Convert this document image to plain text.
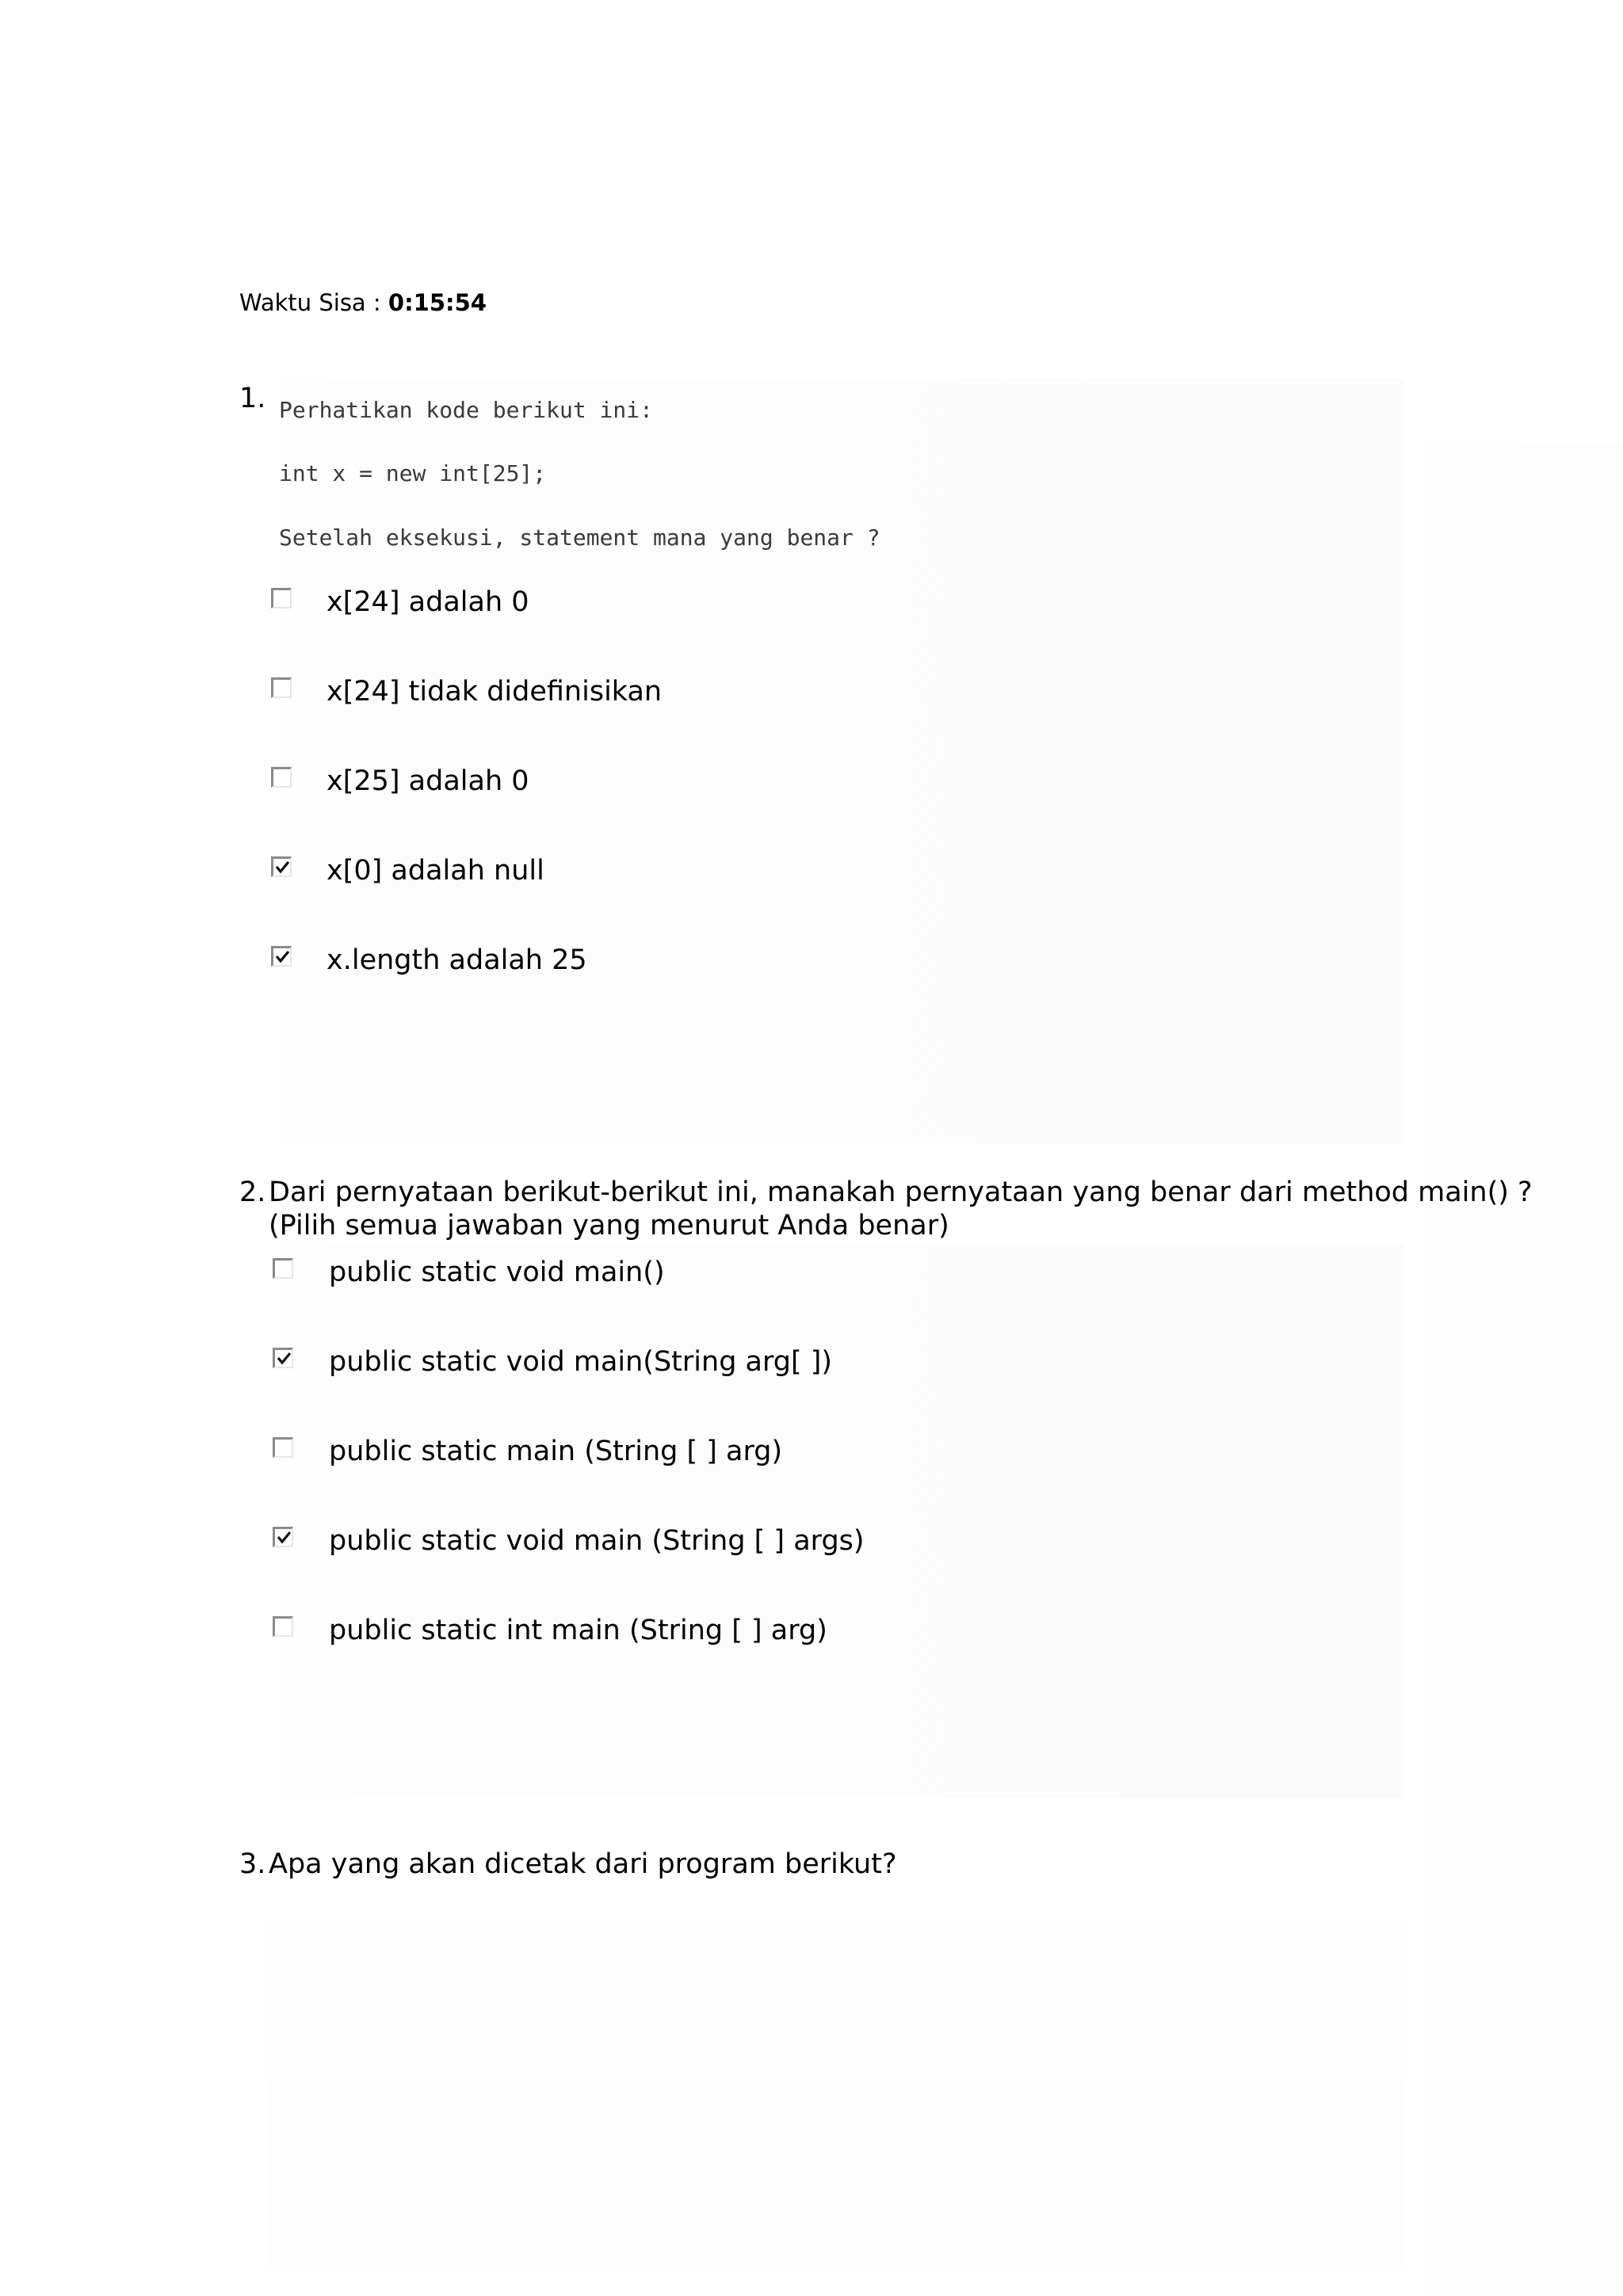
Waktu Sisa : 0:15:54
1. Perhatikan kode berikut ini:
int x = new int[25];
Setelah eksekusi, statement mana yang benar ?
x[24] adalah 0
x[24] tidak didefinisikan
x[25] adalah 0
x[0] adalah null
x.length adalah 25
2. Dari pernyataan berikut-berikut ini, manakah pernyataan yang benar dari method main() ?
(Pilih semua jawaban yang menurut Anda benar)
public static void main()
public static void main(String arg[ ])
public static main (String [ ] arg)
public static void main (String [ ] args)
public static int main (String [ ] arg)
3. Apa yang akan dicetak dari program berikut?
